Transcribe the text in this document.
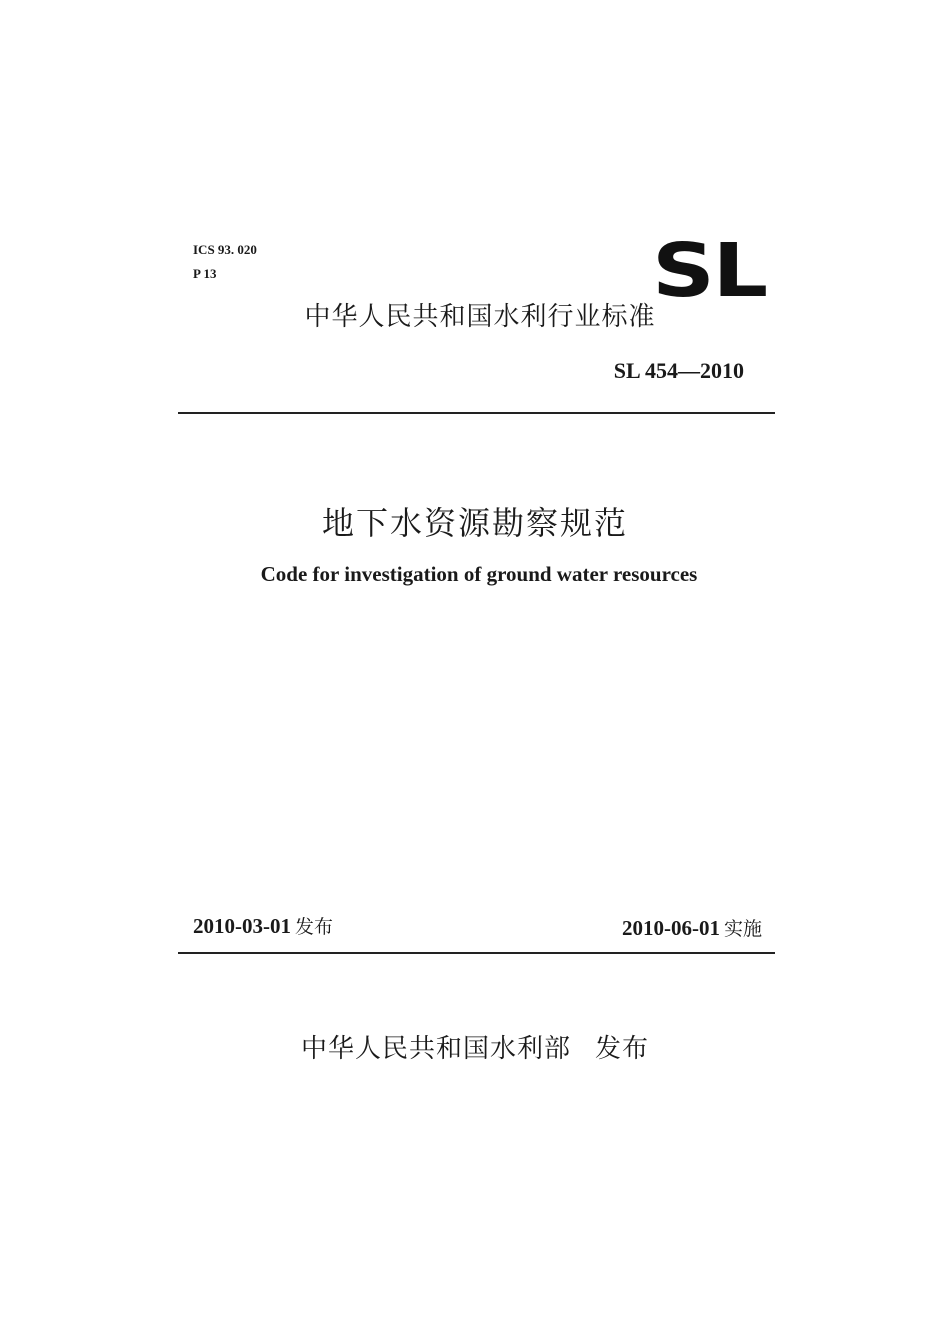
ICS 93. 020
P 13	SL
中华人民共和国水利行业标准
SL 454—2010
地下水资源勘察规范
Code for investigation of ground water resources
2010-03-01 发布	2010-06-01 实施
中华人民共和国水利部 发布
